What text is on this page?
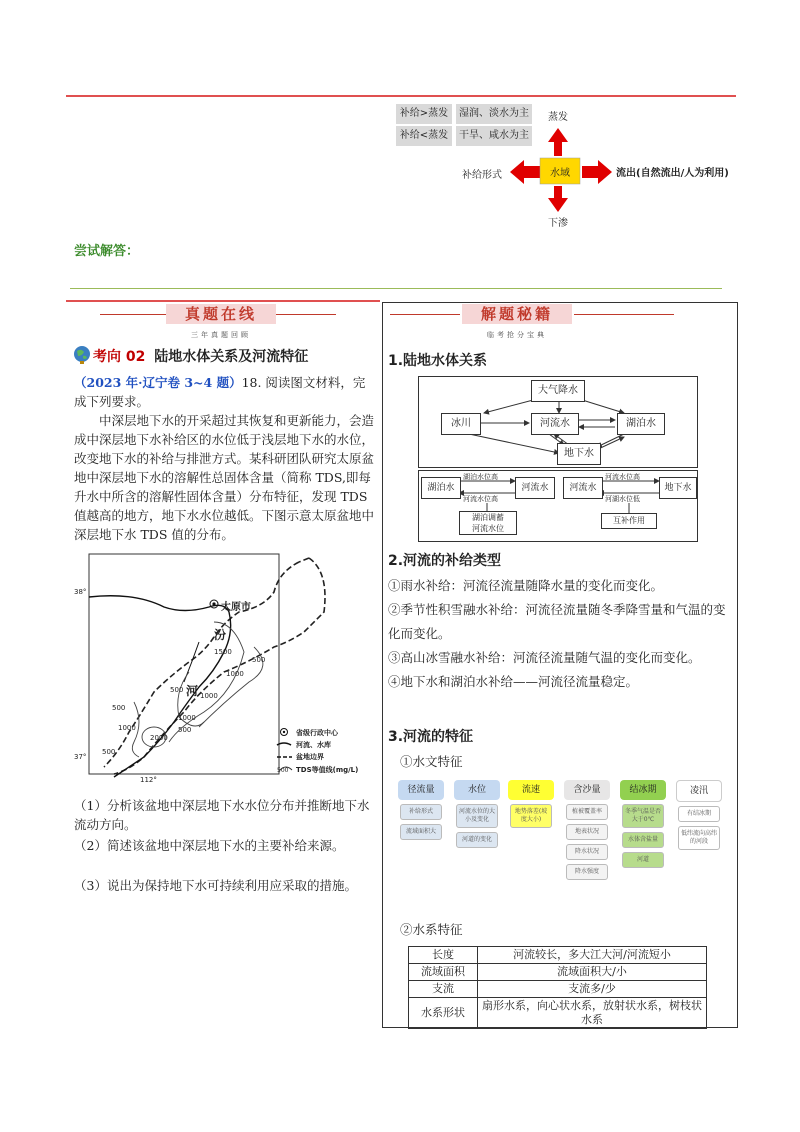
补给>蒸发	湿润、淡水为主
补给<蒸发	干旱、咸水为主
蒸发
水域
补给形式	流出(自然流出/人为利用)
下渗
尝试解答：
真题在线
三年真题回顾
考向 02 陆地水体关系及河流特征
（2023 年·辽宁卷 3~4 题）18. 阅读图文材料，完成下列要求。
中深层地下水的开采超过其恢复和更新能力，会造成中深层地下水补给区的水位低于浅层地下水的水位，改变地下水的补给与排泄方式。某科研团队研究太原盆地中深层地下水的溶解性总固体含量（简称 TDS,即每升水中所含的溶解性固体含量）分布特征，发现 TDS 值越高的地方，地下水水位越低。下图示意太原盆地中深层地下水 TDS 值的分布。
38°
37°
112°
太原市
汾
河
1500
500
1000
500
1000
500
1000
2000
500
500
1000
省级行政中心
河流、水库
盆地边界
500 TDS等值线(mg/L)
（1）分析该盆地中深层地下水水位分布并推断地下水流动方向。
（2）简述该盆地中深层地下水的主要补给来源。
（3）说出为保持地下水可持续利用应采取的措施。
解题秘籍
临考抢分宝典
1.陆地水体关系
大气降水
冰川	河流水	湖泊水
地下水
湖泊水	河流水
湖泊水位高
河流水位高
湖泊调蓄
河流水位
河流水	地下水
河流水位高
河湖水位低
互补作用
2.河流的补给类型
①雨水补给：河流径流量随降水量的变化而变化。
②季节性积雪融水补给：河流径流量随冬季降雪量和气温的变化而变化。
③高山冰雪融水补给：河流径流量随气温的变化而变化。
④地下水和湖泊水补给——河流径流量稳定。
3.河流的特征
①水文特征
径流量
补给形式
流域面积大
水位
河流水位的大小及变化
河道的变化
流速
地势落差(坡度大小)
含沙量
植被覆盖率
地表状况
降水状况
降水强度
结冰期
冬季气温是否大于0℃
水体含盐量
河道
凌汛
有结冰期
低纬流向高纬的河段
②水系特征
长度	河流较长，多大江大河/河流短小
流域面积	流域面积大/小
支流	支流多/少
水系形状	扇形水系，向心状水系，放射状水系，树枝状水系
